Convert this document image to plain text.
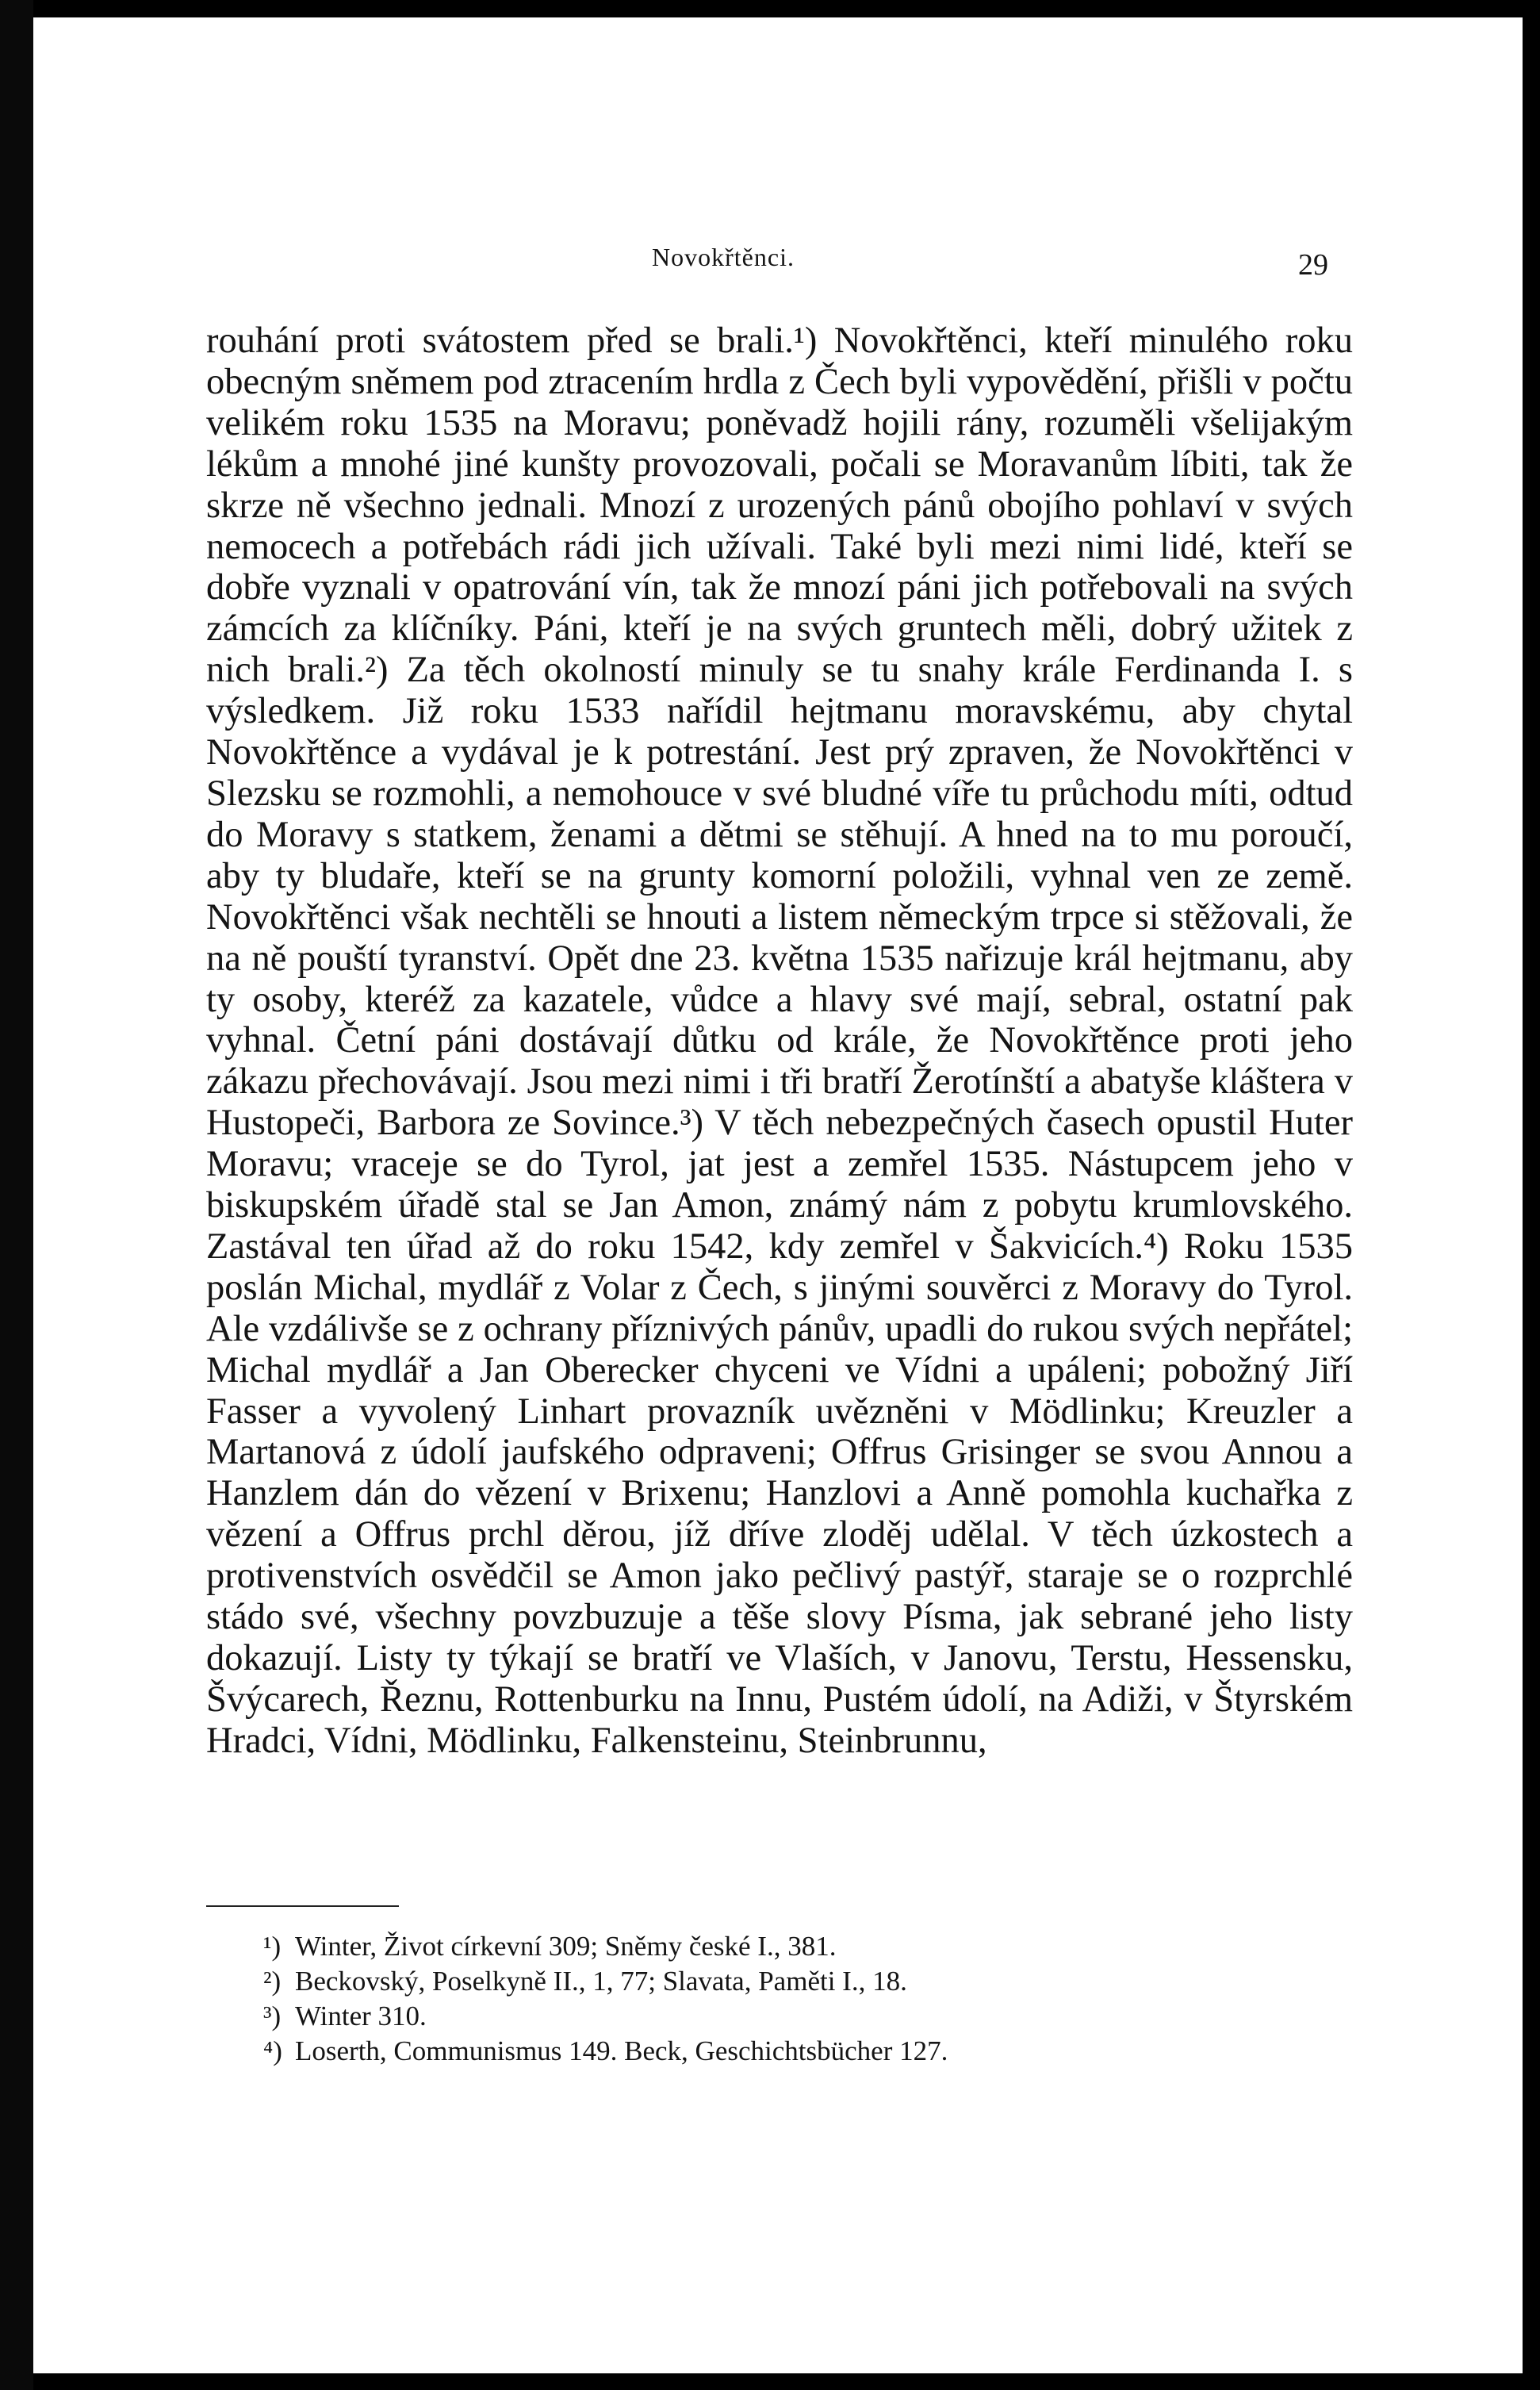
Novokřtěnci.	29

rouhání proti svátostem před se brali.¹) Novokřtěnci, kteří minulého roku obecným sněmem pod ztracením hrdla z Čech byli vypovědění, přišli v počtu velikém roku 1535 na Moravu; poněvadž hojili rány, rozuměli všelijakým lékům a mnohé jiné kunšty provozovali, počali se Moravanům líbiti, tak že skrze ně všechno jednali. Mnozí z urozených pánů obojího pohlaví v svých nemocech a potřebách rádi jich užívali. Také byli mezi nimi lidé, kteří se dobře vyznali v opatrování vín, tak že mnozí páni jich potřebovali na svých zámcích za klíčníky. Páni, kteří je na svých gruntech měli, dobrý užitek z nich brali.²) Za těch okolností minuly se tu snahy krále Ferdinanda I. s výsledkem. Již roku 1533 nařídil hejtmanu moravskému, aby chytal Novokřtěnce a vydával je k potrestání. Jest prý zpraven, že Novokřtěnci v Slezsku se rozmohli, a nemohouce v své bludné víře tu průchodu míti, odtud do Moravy s statkem, ženami a dětmi se stěhují. A hned na to mu poroučí, aby ty bludaře, kteří se na grunty komorní položili, vyhnal ven ze země. Novokřtěnci však nechtěli se hnouti a listem německým trpce si stěžovali, že na ně pouští tyranství. Opět dne 23. května 1535 nařizuje král hejtmanu, aby ty osoby, kteréž za kazatele, vůdce a hlavy své mají, sebral, ostatní pak vyhnal. Četní páni dostávají důtku od krále, že Novokřtěnce proti jeho zákazu přechovávají. Jsou mezi nimi i tři bratří Žerotínští a abatyše kláštera v Hustopeči, Barbora ze Sovince.³) V těch nebezpečných časech opustil Huter Moravu; vraceje se do Tyrol, jat jest a zemřel 1535. Nástupcem jeho v biskupském úřadě stal se Jan Amon, známý nám z pobytu krumlovského. Zastával ten úřad až do roku 1542, kdy zemřel v Šakvicích.⁴) Roku 1535 poslán Michal, mydlář z Volar z Čech, s jinými souvěrci z Moravy do Tyrol. Ale vzdálivše se z ochrany příznivých pánův, upadli do rukou svých nepřátel; Michal mydlář a Jan Oberecker chyceni ve Vídni a upáleni; pobožný Jiří Fasser a vyvolený Linhart provazník uvězněni v Mödlinku; Kreuzler a Martanová z údolí jaufského odpraveni; Offrus Grisinger se svou Annou a Hanzlem dán do vězení v Brixenu; Hanzlovi a Anně pomohla kuchařka z vězení a Offrus prchl děrou, jíž dříve zloděj udělal. V těch úzkostech a protivenstvích osvědčil se Amon jako pečlivý pastýř, staraje se o rozprchlé stádo své, všechny povzbuzuje a těše slovy Písma, jak sebrané jeho listy dokazují. Listy ty týkají se bratří ve Vlaších, v Janovu, Terstu, Hessensku, Švýcarech, Řeznu, Rottenburku na Innu, Pustém údolí, na Adiži, v Štyrském Hradci, Vídni, Mödlinku, Falkensteinu, Steinbrunnu,

¹) Winter, Život církevní 309; Sněmy české I., 381.
²) Beckovský, Poselkyně II., 1, 77; Slavata, Paměti I., 18.
³) Winter 310.
⁴) Loserth, Communismus 149. Beck, Geschichtsbücher 127.
